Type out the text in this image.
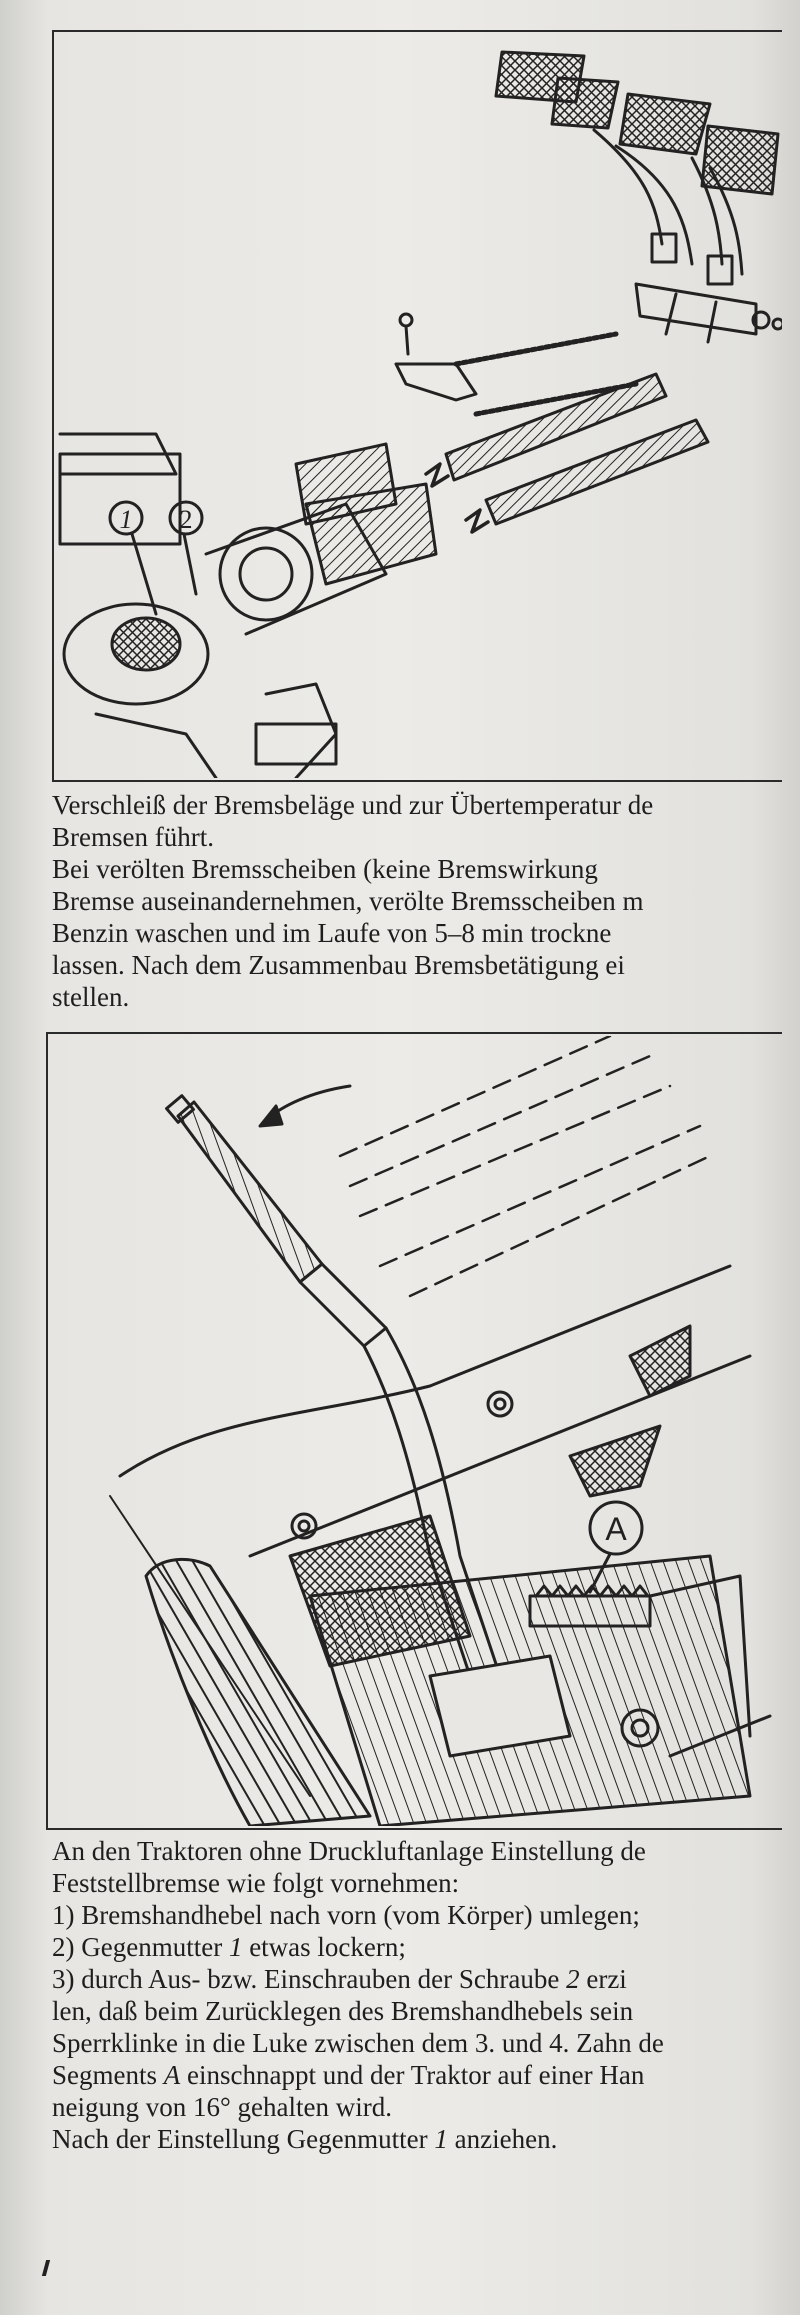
1 2

Verschleiß der Bremsbeläge und zur Übertemperatur de

Bremsen führt.

Bei verölten Bremsscheiben (keine Bremswirkung

Bremse auseinandernehmen, verölte Bremsscheiben m

Benzin waschen und im Laufe von 5–8 min trockne

lassen. Nach dem Zusammenbau Bremsbetätigung ei

stellen.

A

An den Traktoren ohne Druckluftanlage Einstellung de

Feststellbremse wie folgt vornehmen:

1) Bremshandhebel nach vorn (vom Körper) umlegen;

2) Gegenmutter 1 etwas lockern;

3) durch Aus- bzw. Einschrauben der Schraube 2 erzi

len, daß beim Zurücklegen des Bremshandhebels sein

Sperrklinke in die Luke zwischen dem 3. und 4. Zahn de

Segments A einschnappt und der Traktor auf einer Han

neigung von 16° gehalten wird.

Nach der Einstellung Gegenmutter 1 anziehen.
